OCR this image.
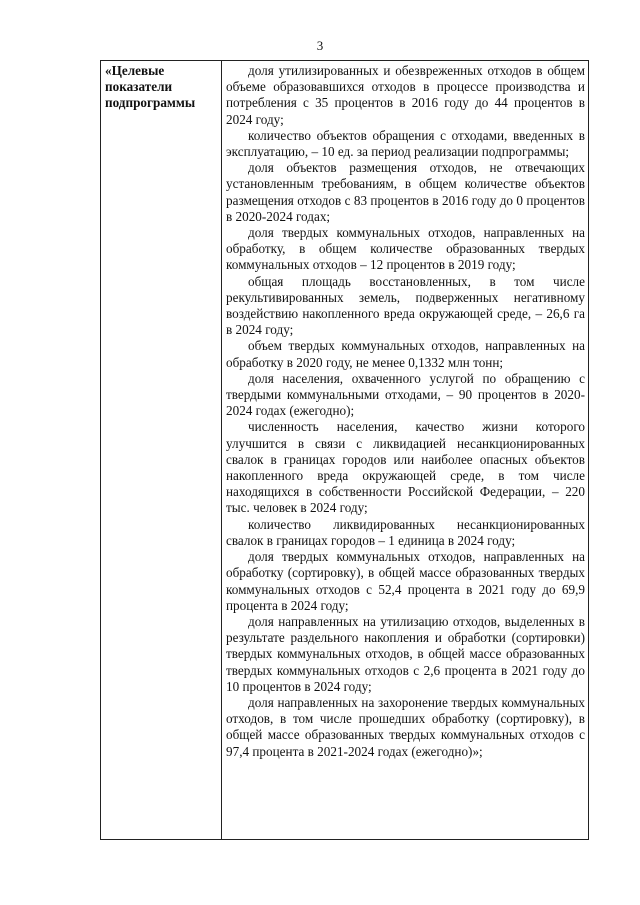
3
«Целевые показатели подпрограммы	

доля утилизированных и обезвреженных отходов в общем объеме образовавшихся отходов в процессе производства и потребления с 35 процентов в 2016 году до 44 процентов в 2024 году;

количество объектов обращения с отходами, введенных в эксплуатацию, – 10 ед. за период реализации подпрограммы;

доля объектов размещения отходов, не отвечающих установленным требованиям, в общем количестве объектов размещения отходов с 83 процентов в 2016 году до 0 процентов в 2020-2024 годах;

доля твердых коммунальных отходов, направленных на обработку, в общем количестве образованных твердых коммунальных отходов – 12 процентов в 2019 году;

общая площадь восстановленных, в том числе рекультивированных земель, подверженных негативному воздействию накопленного вреда окружающей среде, – 26,6 га в 2024 году;

объем твердых коммунальных отходов, направленных на обработку в 2020 году, не менее 0,1332 млн тонн;

доля населения, охваченного услугой по обращению с твердыми коммунальными отходами, – 90 процентов в 2020-2024 годах (ежегодно);

численность населения, качество жизни которого улучшится в связи с ликвидацией несанкционированных свалок в границах городов или наиболее опасных объектов накопленного вреда окружающей среде, в том числе находящихся в собственности Российской Федерации, – 220 тыс. человек в 2024 году;

количество ликвидированных несанкционированных свалок в границах городов – 1 единица в 2024 году;

доля твердых коммунальных отходов, направленных на обработку (сортировку), в общей массе образованных твердых коммунальных отходов с 52,4 процента в 2021 году до 69,9 процента в 2024 году;

доля направленных на утилизацию отходов, выделенных в результате раздельного накопления и обработки (сортировки) твердых коммунальных отходов, в общей массе образованных твердых коммунальных отходов с 2,6 процента в 2021 году до 10 процентов в 2024 году;

доля направленных на захоронение твердых коммунальных отходов, в том числе прошедших обработку (сортировку), в общей массе образованных твердых коммунальных отходов с 97,4 процента в 2021-2024 годах (ежегодно)»;
